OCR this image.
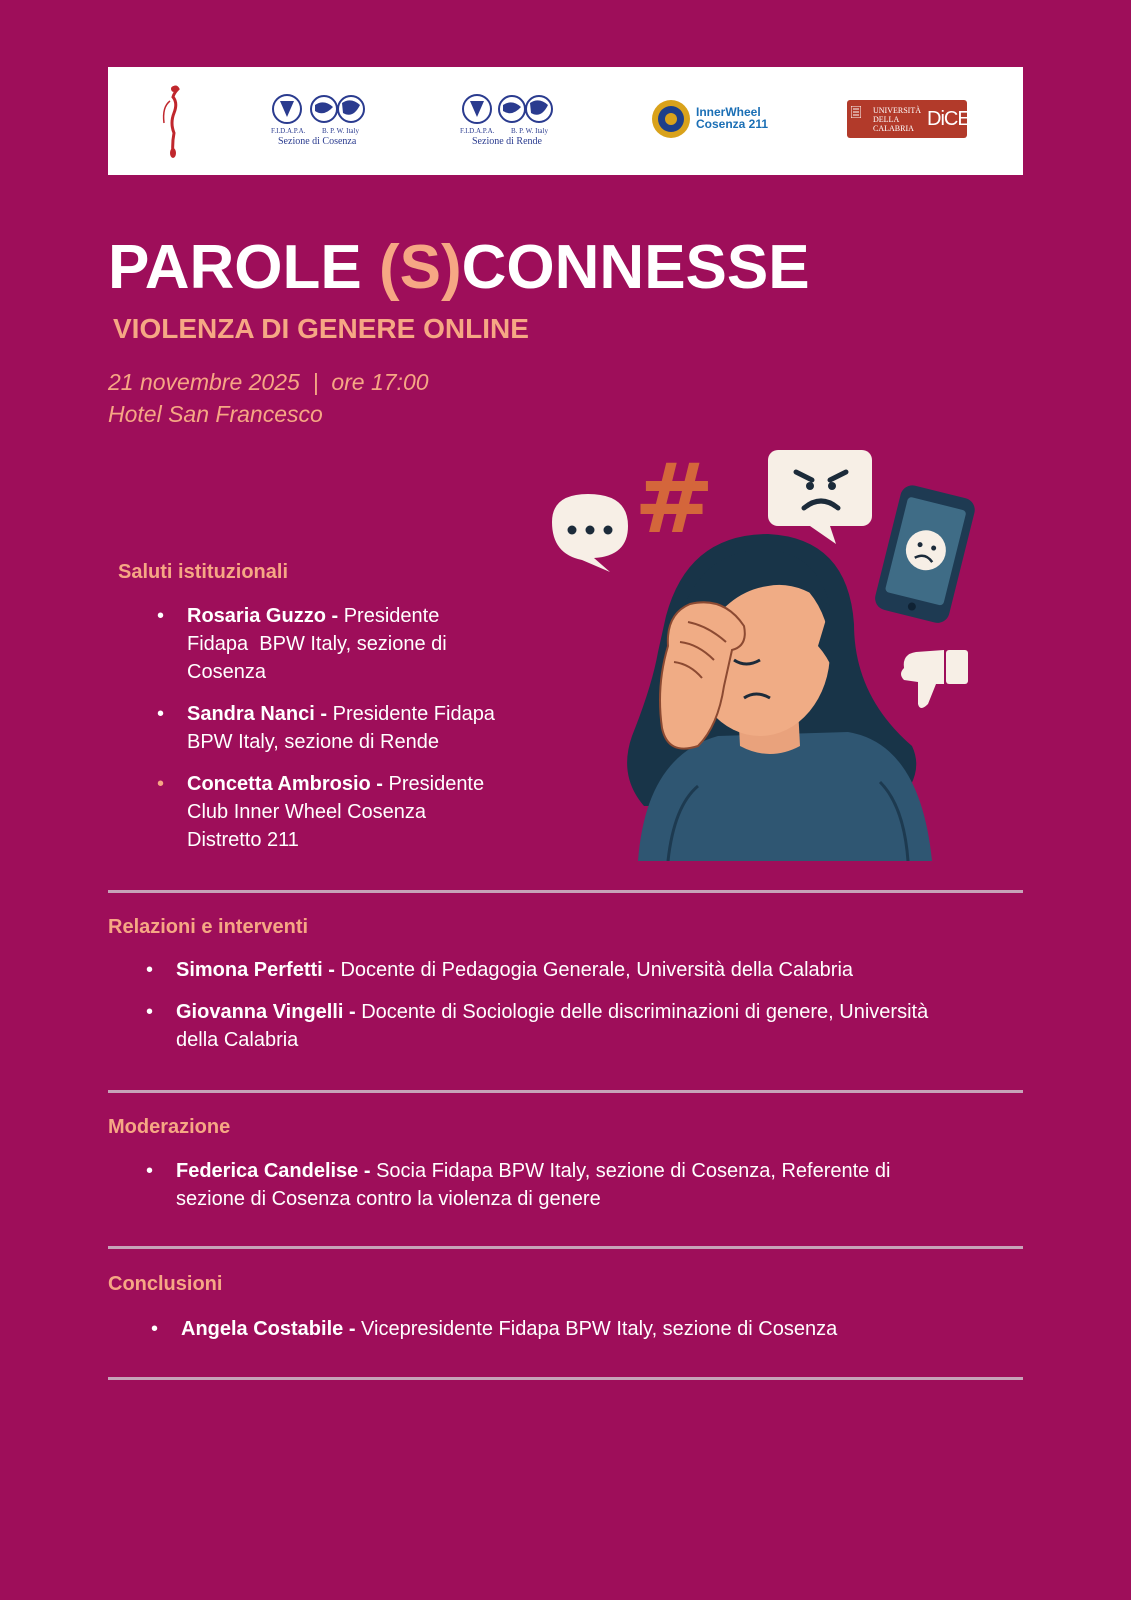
F.I.D.A.P.A. B. P. W. Italy
Sezione di Cosenza
F.I.D.A.P.A. B. P. W. Italy
Sezione di Rende
InnerWheel
Cosenza 211
UNIVERSITÀ
DELLA
CALABRIA DiCES
PAROLE (S)CONNESSE
VIOLENZA DI GENERE ONLINE
21 novembre 2025  |  ore 17:00
Hotel San Francesco
#
Saluti istituzionali
• Rosaria Guzzo - Presidente
Fidapa  BPW Italy, sezione di
Cosenza
• Sandra Nanci - Presidente Fidapa
BPW Italy, sezione di Rende
• Concetta Ambrosio - Presidente
Club Inner Wheel Cosenza
Distretto 211
Relazioni e interventi
• Simona Perfetti - Docente di Pedagogia Generale, Università della Calabria
• Giovanna Vingelli - Docente di Sociologie delle discriminazioni di genere, Università
della Calabria
Moderazione
• Federica Candelise - Socia Fidapa BPW Italy, sezione di Cosenza, Referente di
sezione di Cosenza contro la violenza di genere
Conclusioni
• Angela Costabile - Vicepresidente Fidapa BPW Italy, sezione di Cosenza
